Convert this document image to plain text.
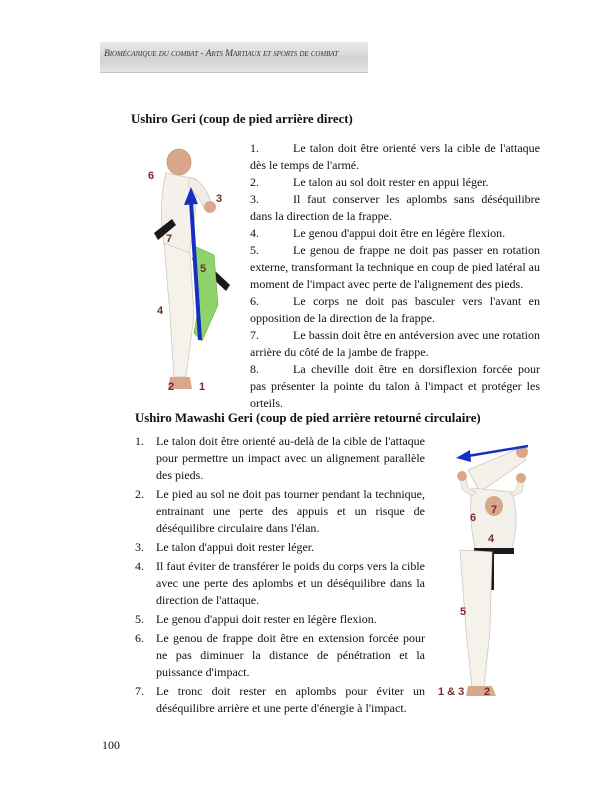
Biomécanique du combat - Arts Martiaux et sports de combat
Ushiro Geri (coup de pied arrière direct)
6
3
7
5
4
2 1

1.	Le talon doit être orienté vers la cible de l'attaque dès le temps de l'armé.

2.	Le talon au sol doit rester en appui léger.

3.	Il faut conserver les aplombs sans déséquilibre dans la direction de la frappe.

4.	Le genou d'appui doit être en légère flexion.

5.	Le genou de frappe ne doit pas passer en rotation externe, transformant la technique en coup de pied latéral au moment de l'impact avec perte de l'alignement des pieds.

6.	Le corps ne doit pas basculer vers l'avant en opposition de la direction de la frappe.

7.	Le bassin doit être en antéversion avec une rotation arrière du côté de la jambe de frappe.

8.	La cheville doit être en dorsiflexion forcée pour pas présenter la pointe du talon à l'impact et protéger les orteils.

Ushiro Mawashi Geri (coup de pied arrière retourné circulaire)

1. Le talon doit être orienté au-delà de la cible de l'attaque pour permettre un impact avec un alignement parallèle des pieds.

2. Le pied au sol ne doit pas tourner pendant la technique, entrainant une perte des appuis et un risque de déséquilibre circulaire dans l'élan.

3. Le talon d'appui doit rester léger.

4. Il faut éviter de transférer le poids du corps vers la cible avec une perte des aplombs et un déséquilibre dans la direction de l'attaque.

5. Le genou d'appui doit rester en légère flexion.

6. Le genou de frappe doit être en extension forcée pour ne pas diminuer la distance de pénétration et la puissance d'impact.

7. Le tronc doit rester en aplombs pour éviter un déséquilibre arrière et une perte d'énergie à l'impact.

6
7
4
5
1 & 3 2
100
